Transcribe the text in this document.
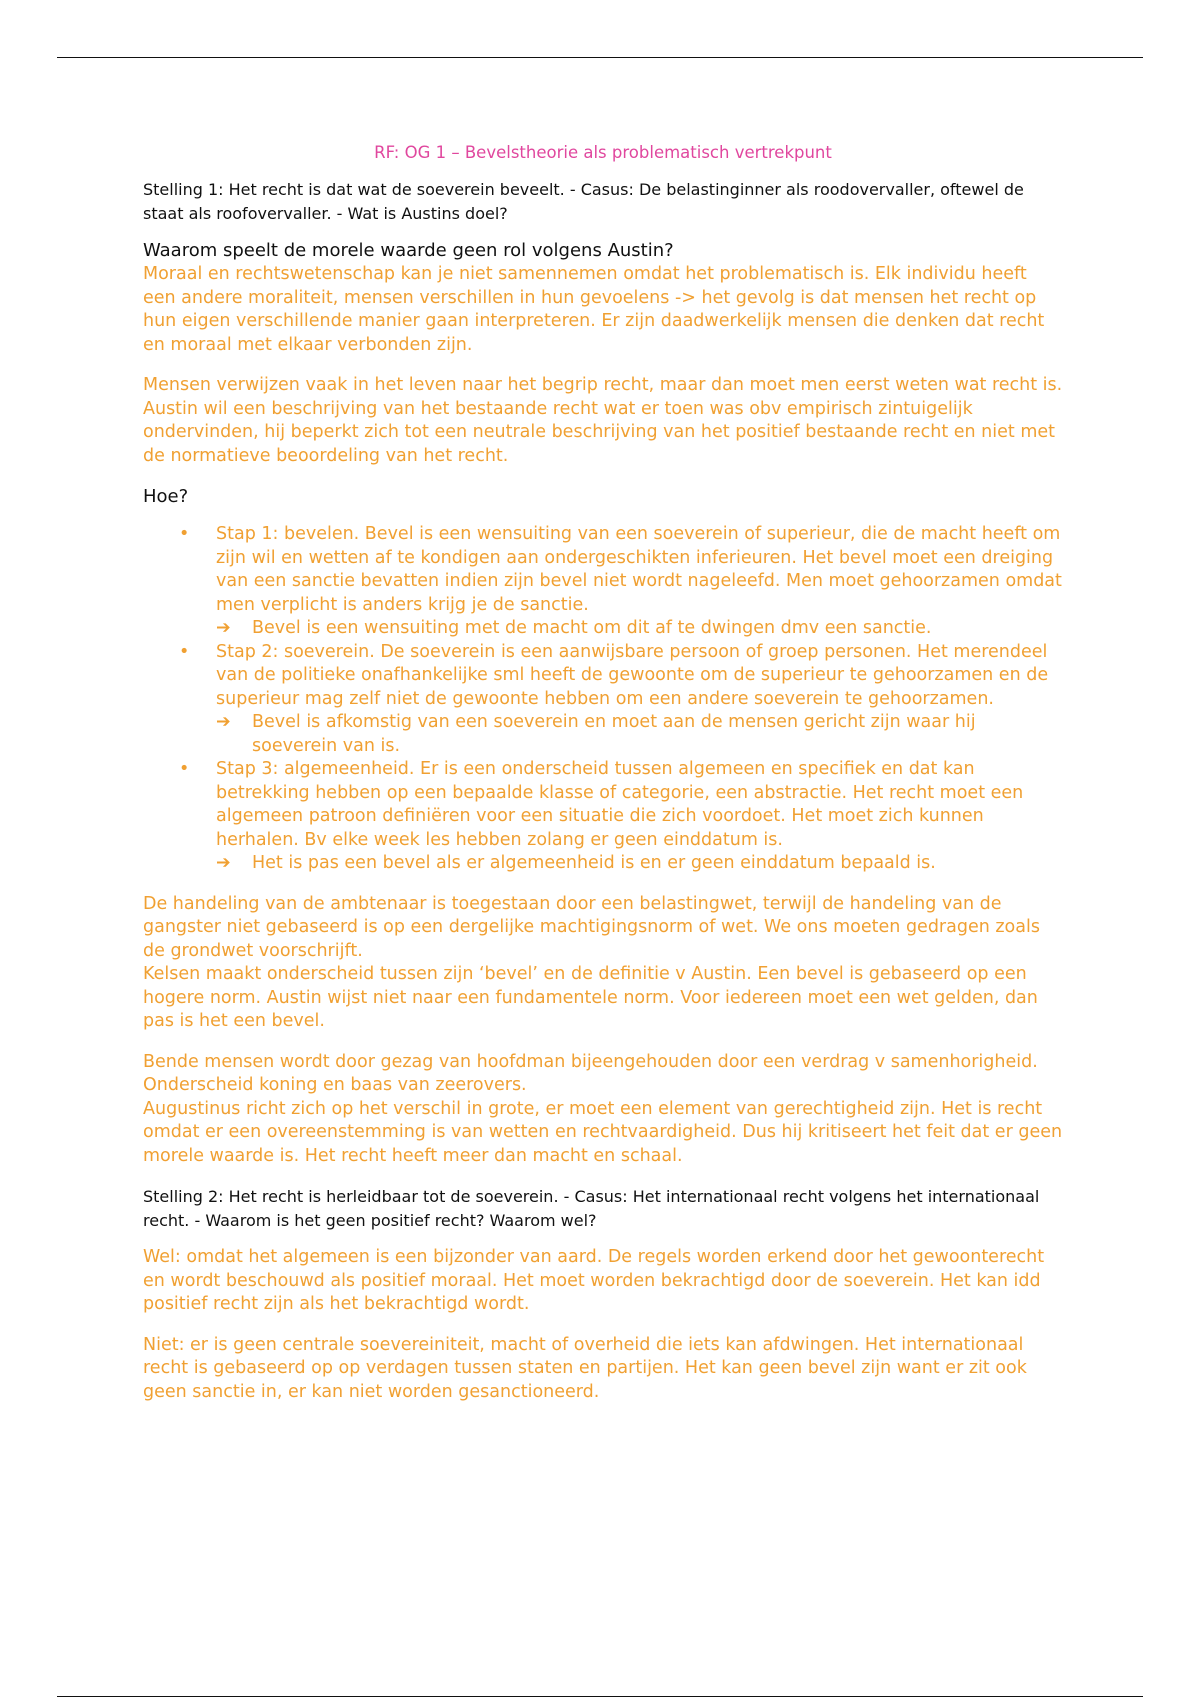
RF: OG 1 – Bevelstheorie als problematisch vertrekpunt

Stelling 1: Het recht is dat wat de soeverein beveelt. - Casus: De belastinginner als roodovervaller, oftewel de staat als roofovervaller. - Wat is Austins doel?

Waarom speelt de morele waarde geen rol volgens Austin?

Moraal en rechtswetenschap kan je niet samennemen omdat het problematisch is. Elk individu heeft een andere moraliteit, mensen verschillen in hun gevoelens -> het gevolg is dat mensen het recht op hun eigen verschillende manier gaan interpreteren. Er zijn daadwerkelijk mensen die denken dat recht en moraal met elkaar verbonden zijn.

Mensen verwijzen vaak in het leven naar het begrip recht, maar dan moet men eerst weten wat recht is. Austin wil een beschrijving van het bestaande recht wat er toen was obv empirisch zintuigelijk ondervinden, hij beperkt zich tot een neutrale beschrijving van het positief bestaande recht en niet met de normatieve beoordeling van het recht.

Hoe?

• Stap 1: bevelen. Bevel is een wensuiting van een soeverein of superieur, die de macht heeft om zijn wil en wetten af te kondigen aan ondergeschikten inferieuren. Het bevel moet een dreiging van een sanctie bevatten indien zijn bevel niet wordt nageleefd. Men moet gehoorzamen omdat men verplicht is anders krijg je de sanctie.
➔ Bevel is een wensuiting met de macht om dit af te dwingen dmv een sanctie.
• Stap 2: soeverein. De soeverein is een aanwijsbare persoon of groep personen. Het merendeel van de politieke onafhankelijke sml heeft de gewoonte om de superieur te gehoorzamen en de superieur mag zelf niet de gewoonte hebben om een andere soeverein te gehoorzamen.
➔ Bevel is afkomstig van een soeverein en moet aan de mensen gericht zijn waar hij soeverein van is.
• Stap 3: algemeenheid. Er is een onderscheid tussen algemeen en specifiek en dat kan betrekking hebben op een bepaalde klasse of categorie, een abstractie. Het recht moet een algemeen patroon definiëren voor een situatie die zich voordoet. Het moet zich kunnen herhalen. Bv elke week les hebben zolang er geen einddatum is.
➔ Het is pas een bevel als er algemeenheid is en er geen einddatum bepaald is.

De handeling van de ambtenaar is toegestaan door een belastingwet, terwijl de handeling van de gangster niet gebaseerd is op een dergelijke machtigingsnorm of wet. We ons moeten gedragen zoals de grondwet voorschrijft.
Kelsen maakt onderscheid tussen zijn ‘bevel’ en de definitie v Austin. Een bevel is gebaseerd op een hogere norm. Austin wijst niet naar een fundamentele norm. Voor iedereen moet een wet gelden, dan pas is het een bevel.

Bende mensen wordt door gezag van hoofdman bijeengehouden door een verdrag v samenhorigheid. Onderscheid koning en baas van zeerovers.
Augustinus richt zich op het verschil in grote, er moet een element van gerechtigheid zijn. Het is recht omdat er een overeenstemming is van wetten en rechtvaardigheid. Dus hij kritiseert het feit dat er geen morele waarde is. Het recht heeft meer dan macht en schaal.

Stelling 2: Het recht is herleidbaar tot de soeverein. - Casus: Het internationaal recht volgens het internationaal recht. - Waarom is het geen positief recht? Waarom wel?

Wel: omdat het algemeen is een bijzonder van aard. De regels worden erkend door het gewoonterecht en wordt beschouwd als positief moraal. Het moet worden bekrachtigd door de soeverein. Het kan idd positief recht zijn als het bekrachtigd wordt.

Niet: er is geen centrale soevereiniteit, macht of overheid die iets kan afdwingen. Het internationaal recht is gebaseerd op op verdagen tussen staten en partijen. Het kan geen bevel zijn want er zit ook geen sanctie in, er kan niet worden gesanctioneerd.
